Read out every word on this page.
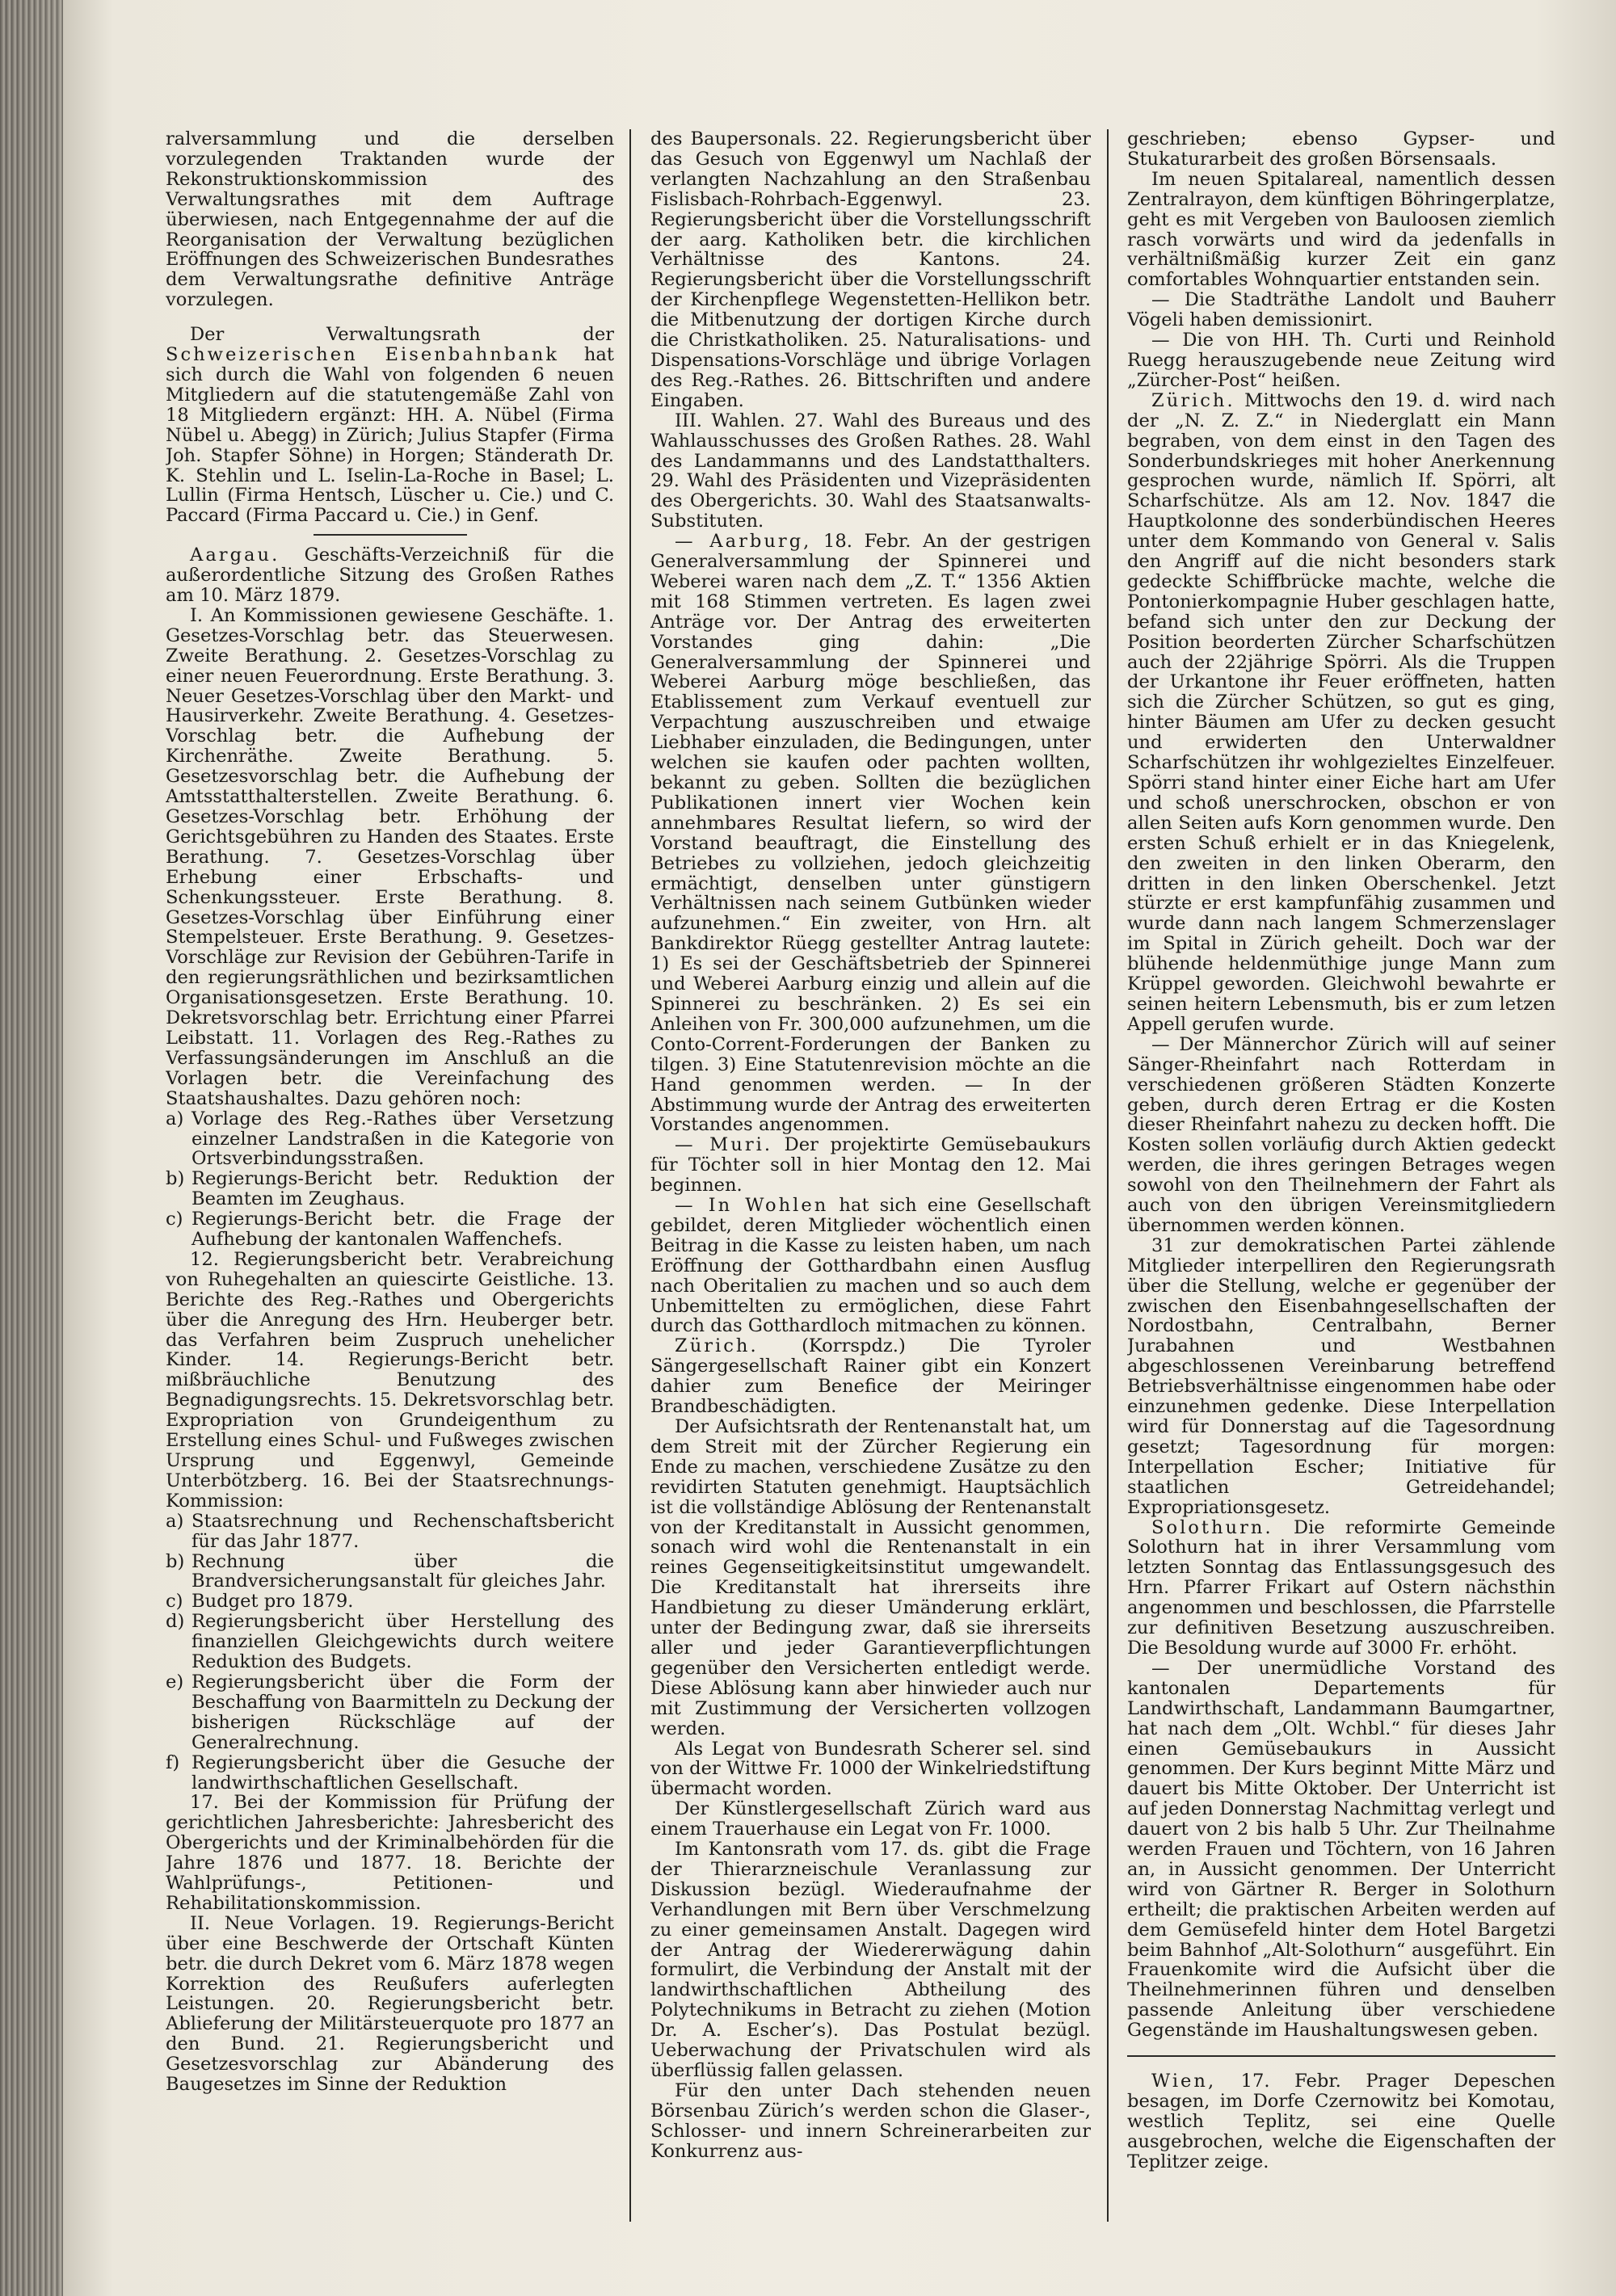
ralversammlung und die derselben vorzulegenden Traktanden wurde der Rekonstruktionskommission des Verwaltungsrathes mit dem Auftrage überwiesen, nach Entgegennahme der auf die Reorganisation der Verwaltung bezüglichen Eröffnungen des Schweizerischen Bundesrathes dem Verwaltungsrathe definitive Anträge vorzulegen.

Der Verwaltungsrath der Schweizerischen Eisenbahnbank hat sich durch die Wahl von folgenden 6 neuen Mitgliedern auf die statutengemäße Zahl von 18 Mitgliedern ergänzt: HH. A. Nübel (Firma Nübel u. Abegg) in Zürich; Julius Stapfer (Firma Joh. Stapfer Söhne) in Horgen; Ständerath Dr. K. Stehlin und L. Iselin-La-Roche in Basel; L. Lullin (Firma Hentsch, Lüscher u. Cie.) und C. Paccard (Firma Paccard u. Cie.) in Genf.

Aargau. Geschäfts-Verzeichniß für die außerordentliche Sitzung des Großen Rathes am 10. März 1879.

I. An Kommissionen gewiesene Geschäfte. 1. Gesetzes-Vorschlag betr. das Steuerwesen. Zweite Berathung. 2. Gesetzes-Vorschlag zu einer neuen Feuerordnung. Erste Berathung. 3. Neuer Gesetzes-Vorschlag über den Markt- und Hausirverkehr. Zweite Berathung. 4. Gesetzes-Vorschlag betr. die Aufhebung der Kirchenräthe. Zweite Berathung. 5. Gesetzesvorschlag betr. die Aufhebung der Amtsstatthalterstellen. Zweite Berathung. 6. Gesetzes-Vorschlag betr. Erhöhung der Gerichtsgebühren zu Handen des Staates. Erste Berathung. 7. Gesetzes-Vorschlag über Erhebung einer Erbschafts- und Schenkungssteuer. Erste Berathung. 8. Gesetzes-Vorschlag über Einführung einer Stempelsteuer. Erste Berathung. 9. Gesetzes-Vorschläge zur Revision der Gebühren-Tarife in den regierungsräthlichen und bezirksamtlichen Organisationsgesetzen. Erste Berathung. 10. Dekretsvorschlag betr. Errichtung einer Pfarrei Leibstatt. 11. Vorlagen des Reg.-Rathes zu Verfassungsänderungen im Anschluß an die Vorlagen betr. die Vereinfachung des Staatshaushaltes. Dazu gehören noch:

a) Vorlage des Reg.-Rathes über Versetzung einzelner Landstraßen in die Kategorie von Ortsverbindungsstraßen.

b) Regierungs-Bericht betr. Reduktion der Beamten im Zeughaus.

c) Regierungs-Bericht betr. die Frage der Aufhebung der kantonalen Waffenchefs.

12. Regierungsbericht betr. Verabreichung von Ruhegehalten an quiescirte Geistliche. 13. Berichte des Reg.-Rathes und Obergerichts über die Anregung des Hrn. Heuberger betr. das Verfahren beim Zuspruch unehelicher Kinder. 14. Regierungs-Bericht betr. mißbräuchliche Benutzung des Begnadigungsrechts. 15. Dekretsvorschlag betr. Expropriation von Grundeigenthum zu Erstellung eines Schul- und Fußweges zwischen Ursprung und Eggenwyl, Gemeinde Unterbötzberg. 16. Bei der Staatsrechnungs-Kommission:

a) Staatsrechnung und Rechenschaftsbericht für das Jahr 1877.

b) Rechnung über die Brandversicherungsanstalt für gleiches Jahr.

c) Budget pro 1879.

d) Regierungsbericht über Herstellung des finanziellen Gleichgewichts durch weitere Reduktion des Budgets.

e) Regierungsbericht über die Form der Beschaffung von Baarmitteln zu Deckung der bisherigen Rückschläge auf der Generalrechnung.

f) Regierungsbericht über die Gesuche der landwirthschaftlichen Gesellschaft.

17. Bei der Kommission für Prüfung der gerichtlichen Jahresberichte: Jahresbericht des Obergerichts und der Kriminalbehörden für die Jahre 1876 und 1877. 18. Berichte der Wahlprüfungs-, Petitionen- und Rehabilitationskommission.

II. Neue Vorlagen. 19. Regierungs-Bericht über eine Beschwerde der Ortschaft Künten betr. die durch Dekret vom 6. März 1878 wegen Korrektion des Reußufers auferlegten Leistungen. 20. Regierungsbericht betr. Ablieferung der Militärsteuerquote pro 1877 an den Bund. 21. Regierungsbericht und Gesetzesvorschlag zur Abänderung des Baugesetzes im Sinne der Reduktion

des Baupersonals. 22. Regierungsbericht über das Gesuch von Eggenwyl um Nachlaß der verlangten Nachzahlung an den Straßenbau Fislisbach-Rohrbach-Eggenwyl. 23. Regierungsbericht über die Vorstellungsschrift der aarg. Katholiken betr. die kirchlichen Verhältnisse des Kantons. 24. Regierungsbericht über die Vorstellungsschrift der Kirchenpflege Wegenstetten-Hellikon betr. die Mitbenutzung der dortigen Kirche durch die Christkatholiken. 25. Naturalisations- und Dispensations-Vorschläge und übrige Vorlagen des Reg.-Rathes. 26. Bittschriften und andere Eingaben.

III. Wahlen. 27. Wahl des Bureaus und des Wahlausschusses des Großen Rathes. 28. Wahl des Landammanns und des Landstatthalters. 29. Wahl des Präsidenten und Vizepräsidenten des Obergerichts. 30. Wahl des Staatsanwalts-Substituten.

— Aarburg, 18. Febr. An der gestrigen Generalversammlung der Spinnerei und Weberei waren nach dem „Z. T.“ 1356 Aktien mit 168 Stimmen vertreten. Es lagen zwei Anträge vor. Der Antrag des erweiterten Vorstandes ging dahin: „Die Generalversammlung der Spinnerei und Weberei Aarburg möge beschließen, das Etablissement zum Verkauf eventuell zur Verpachtung auszuschreiben und etwaige Liebhaber einzuladen, die Bedingungen, unter welchen sie kaufen oder pachten wollten, bekannt zu geben. Sollten die bezüglichen Publikationen innert vier Wochen kein annehmbares Resultat liefern, so wird der Vorstand beauftragt, die Einstellung des Betriebes zu vollziehen, jedoch gleichzeitig ermächtigt, denselben unter günstigern Verhältnissen nach seinem Gutbünken wieder aufzunehmen.“ Ein zweiter, von Hrn. alt Bankdirektor Rüegg gestellter Antrag lautete: 1) Es sei der Geschäftsbetrieb der Spinnerei und Weberei Aarburg einzig und allein auf die Spinnerei zu beschränken. 2) Es sei ein Anleihen von Fr. 300,000 aufzunehmen, um die Conto-Corrent-Forderungen der Banken zu tilgen. 3) Eine Statutenrevision möchte an die Hand genommen werden. — In der Abstimmung wurde der Antrag des erweiterten Vorstandes angenommen.

— Muri. Der projektirte Gemüsebaukurs für Töchter soll in hier Montag den 12. Mai beginnen.

— In Wohlen hat sich eine Gesellschaft gebildet, deren Mitglieder wöchentlich einen Beitrag in die Kasse zu leisten haben, um nach Eröffnung der Gotthardbahn einen Ausflug nach Oberitalien zu machen und so auch dem Unbemittelten zu ermöglichen, diese Fahrt durch das Gotthardloch mitmachen zu können.

Zürich. (Korrspdz.) Die Tyroler Sängergesellschaft Rainer gibt ein Konzert dahier zum Benefice der Meiringer Brandbeschädigten.

Der Aufsichtsrath der Rentenanstalt hat, um dem Streit mit der Zürcher Regierung ein Ende zu machen, verschiedene Zusätze zu den revidirten Statuten genehmigt. Hauptsächlich ist die vollständige Ablösung der Rentenanstalt von der Kreditanstalt in Aussicht genommen, sonach wird wohl die Rentenanstalt in ein reines Gegenseitigkeitsinstitut umgewandelt. Die Kreditanstalt hat ihrerseits ihre Handbietung zu dieser Umänderung erklärt, unter der Bedingung zwar, daß sie ihrerseits aller und jeder Garantieverpflichtungen gegenüber den Versicherten entledigt werde. Diese Ablösung kann aber hinwieder auch nur mit Zustimmung der Versicherten vollzogen werden.

Als Legat von Bundesrath Scherer sel. sind von der Wittwe Fr. 1000 der Winkelriedstiftung übermacht worden.

Der Künstlergesellschaft Zürich ward aus einem Trauerhause ein Legat von Fr. 1000.

Im Kantonsrath vom 17. ds. gibt die Frage der Thierarzneischule Veranlassung zur Diskussion bezügl. Wiederaufnahme der Verhandlungen mit Bern über Verschmelzung zu einer gemeinsamen Anstalt. Dagegen wird der Antrag der Wiedererwägung dahin formulirt, die Verbindung der Anstalt mit der landwirthschaftlichen Abtheilung des Polytechnikums in Betracht zu ziehen (Motion Dr. A. Escher’s). Das Postulat bezügl. Ueberwachung der Privatschulen wird als überflüssig fallen gelassen.

Für den unter Dach stehenden neuen Börsenbau Zürich’s werden schon die Glaser-, Schlosser- und innern Schreinerarbeiten zur Konkurrenz aus-

geschrieben; ebenso Gypser- und Stukaturarbeit des großen Börsensaals.

Im neuen Spitalareal, namentlich dessen Zentralrayon, dem künftigen Böhringerplatze, geht es mit Vergeben von Bauloosen ziemlich rasch vorwärts und wird da jedenfalls in verhältnißmäßig kurzer Zeit ein ganz comfortables Wohnquartier entstanden sein.

— Die Stadträthe Landolt und Bauherr Vögeli haben demissionirt.

— Die von HH. Th. Curti und Reinhold Ruegg herauszugebende neue Zeitung wird „Zürcher-Post“ heißen.

Zürich. Mittwochs den 19. d. wird nach der „N. Z. Z.“ in Niederglatt ein Mann begraben, von dem einst in den Tagen des Sonderbundskrieges mit hoher Anerkennung gesprochen wurde, nämlich If. Spörri, alt Scharfschütze. Als am 12. Nov. 1847 die Hauptkolonne des sonderbündischen Heeres unter dem Kommando von General v. Salis den Angriff auf die nicht besonders stark gedeckte Schiffbrücke machte, welche die Pontonierkompagnie Huber geschlagen hatte, befand sich unter den zur Deckung der Position beorderten Zürcher Scharfschützen auch der 22jährige Spörri. Als die Truppen der Urkantone ihr Feuer eröffneten, hatten sich die Zürcher Schützen, so gut es ging, hinter Bäumen am Ufer zu decken gesucht und erwiderten den Unterwaldner Scharfschützen ihr wohlgezieltes Einzelfeuer. Spörri stand hinter einer Eiche hart am Ufer und schoß unerschrocken, obschon er von allen Seiten aufs Korn genommen wurde. Den ersten Schuß erhielt er in das Kniegelenk, den zweiten in den linken Oberarm, den dritten in den linken Oberschenkel. Jetzt stürzte er erst kampfunfähig zusammen und wurde dann nach langem Schmerzenslager im Spital in Zürich geheilt. Doch war der blühende heldenmüthige junge Mann zum Krüppel geworden. Gleichwohl bewahrte er seinen heitern Lebensmuth, bis er zum letzen Appell gerufen wurde.

— Der Männerchor Zürich will auf seiner Sänger-Rheinfahrt nach Rotterdam in verschiedenen größeren Städten Konzerte geben, durch deren Ertrag er die Kosten dieser Rheinfahrt nahezu zu decken hofft. Die Kosten sollen vorläufig durch Aktien gedeckt werden, die ihres geringen Betrages wegen sowohl von den Theilnehmern der Fahrt als auch von den übrigen Vereinsmitgliedern übernommen werden können.

31 zur demokratischen Partei zählende Mitglieder interpelliren den Regierungsrath über die Stellung, welche er gegenüber der zwischen den Eisenbahngesellschaften der Nordostbahn, Centralbahn, Berner Jurabahnen und Westbahnen abgeschlossenen Vereinbarung betreffend Betriebsverhältnisse eingenommen habe oder einzunehmen gedenke. Diese Interpellation wird für Donnerstag auf die Tagesordnung gesetzt; Tagesordnung für morgen: Interpellation Escher; Initiative für staatlichen Getreidehandel; Expropriationsgesetz.

Solothurn. Die reformirte Gemeinde Solothurn hat in ihrer Versammlung vom letzten Sonntag das Entlassungsgesuch des Hrn. Pfarrer Frikart auf Ostern nächsthin angenommen und beschlossen, die Pfarrstelle zur definitiven Besetzung auszuschreiben. Die Besoldung wurde auf 3000 Fr. erhöht.

— Der unermüdliche Vorstand des kantonalen Departements für Landwirthschaft, Landammann Baumgartner, hat nach dem „Olt. Wchbl.“ für dieses Jahr einen Gemüsebaukurs in Aussicht genommen. Der Kurs beginnt Mitte März und dauert bis Mitte Oktober. Der Unterricht ist auf jeden Donnerstag Nachmittag verlegt und dauert von 2 bis halb 5 Uhr. Zur Theilnahme werden Frauen und Töchtern, von 16 Jahren an, in Aussicht genommen. Der Unterricht wird von Gärtner R. Berger in Solothurn ertheilt; die praktischen Arbeiten werden auf dem Gemüsefeld hinter dem Hotel Bargetzi beim Bahnhof „Alt-Solothurn“ ausgeführt. Ein Frauenkomite wird die Aufsicht über die Theilnehmerinnen führen und denselben passende Anleitung über verschiedene Gegenstände im Haushaltungswesen geben.

Wien, 17. Febr. Prager Depeschen besagen, im Dorfe Czernowitz bei Komotau, westlich Teplitz, sei eine Quelle ausgebrochen, welche die Eigenschaften der Teplitzer zeige.
